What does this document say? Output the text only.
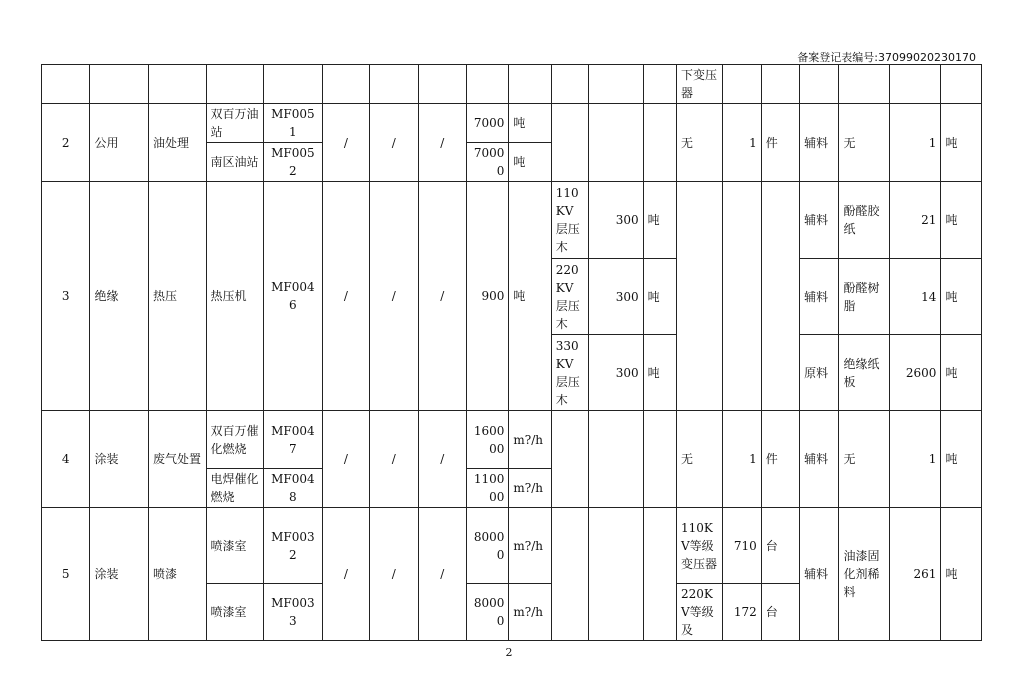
备案登记表编号:37099020230170
													下变压器						
2	公用	油处理	双百万油站	MF0051	/	/	/	7000	吨				无	1	件	辅料	无	1	吨
			南区油站	MF0052				70000	吨										
3	绝缘	热压	热压机	MF0046	/	/	/	900	吨	110KV层压木	300	吨				辅料	酚醛胶纸	21	吨
										220KV层压木	300	吨				辅料	酚醛树脂	14	吨
										330KV层压木	300	吨				原料	绝缘纸板	2600	吨
4	涂装	废气处置	双百万催化燃烧	MF0047	/	/	/	160000	m?/h				无	1	件	辅料	无	1	吨
			电焊催化燃烧	MF0048				110000	m?/h										
5	涂装	喷漆	喷漆室	MF0032	/	/	/	80000	m?/h				110KV等级变压器	710	台	辅料	油漆固化剂稀料	261	吨
			喷漆室	MF0033				80000	m?/h				220KV等级及	172	台				
2
